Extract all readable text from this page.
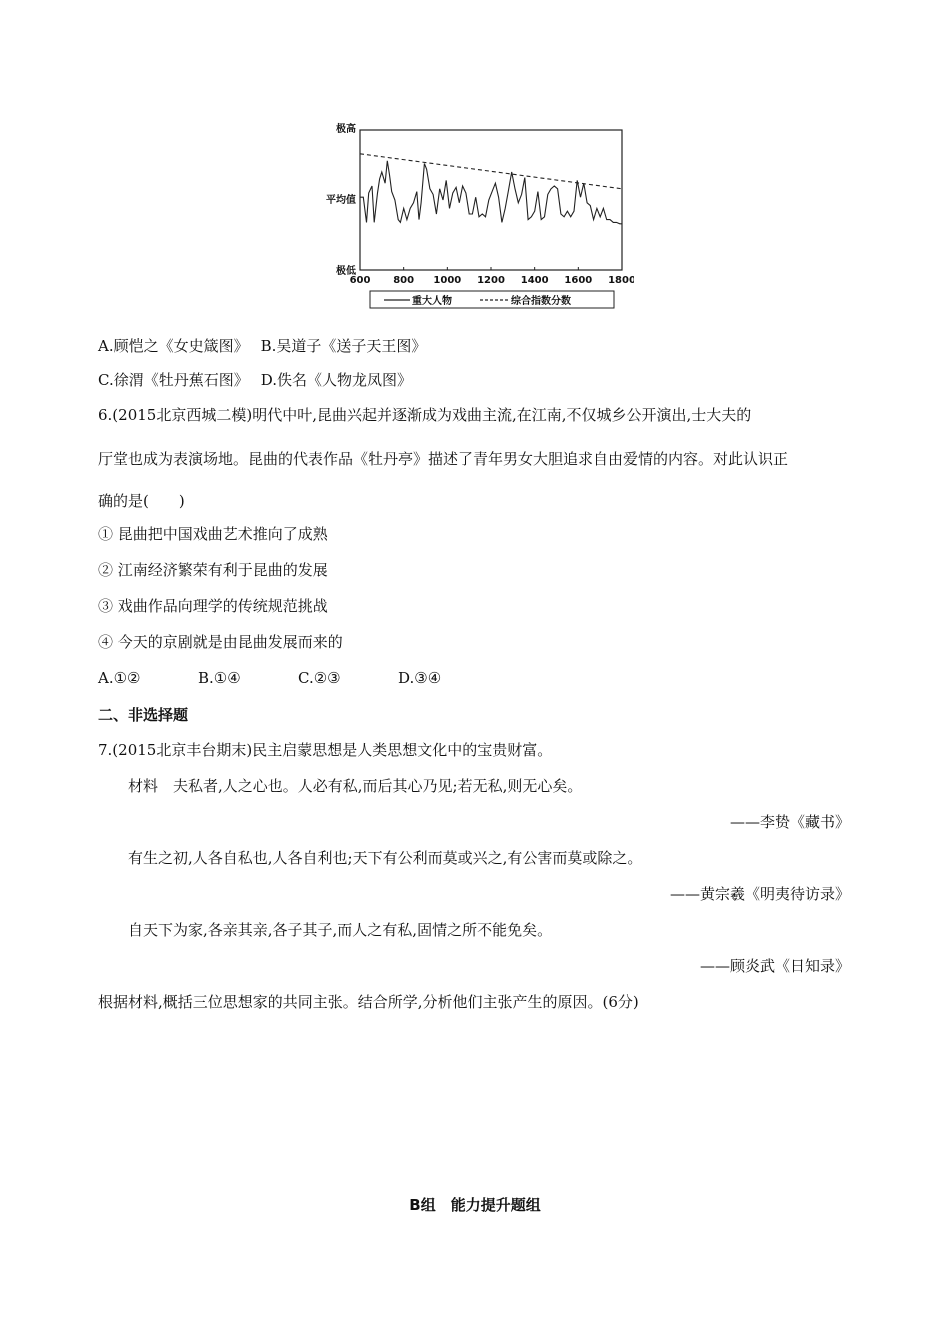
极高
平均值
极低
600 800 1000 1200 1400 1600 1800
重大人物	综合指数分数
A.顾恺之《女史箴图》 B.吴道子《送子天王图》
C.徐渭《牡丹蕉石图》 D.佚名《人物龙凤图》
6.(2015北京西城二模)明代中叶,昆曲兴起并逐渐成为戏曲主流,在江南,不仅城乡公开演出,士大夫的
厅堂也成为表演场地。昆曲的代表作品《牡丹亭》描述了青年男女大胆追求自由爱情的内容。对此认识正
确的是(　　)
① 昆曲把中国戏曲艺术推向了成熟
② 江南经济繁荣有利于昆曲的发展
③ 戏曲作品向理学的传统规范挑战
④ 今天的京剧就是由昆曲发展而来的
A.①②	B.①④	C.②③	D.③④
二、非选择题
7.(2015北京丰台期末)民主启蒙思想是人类思想文化中的宝贵财富。
材料　夫私者,人之心也。人必有私,而后其心乃见;若无私,则无心矣。
——李贽《藏书》
有生之初,人各自私也,人各自利也;天下有公利而莫或兴之,有公害而莫或除之。
——黄宗羲《明夷待访录》
自天下为家,各亲其亲,各子其子,而人之有私,固情之所不能免矣。
——顾炎武《日知录》
根据材料,概括三位思想家的共同主张。结合所学,分析他们主张产生的原因。(6分)
B组　能力提升题组
